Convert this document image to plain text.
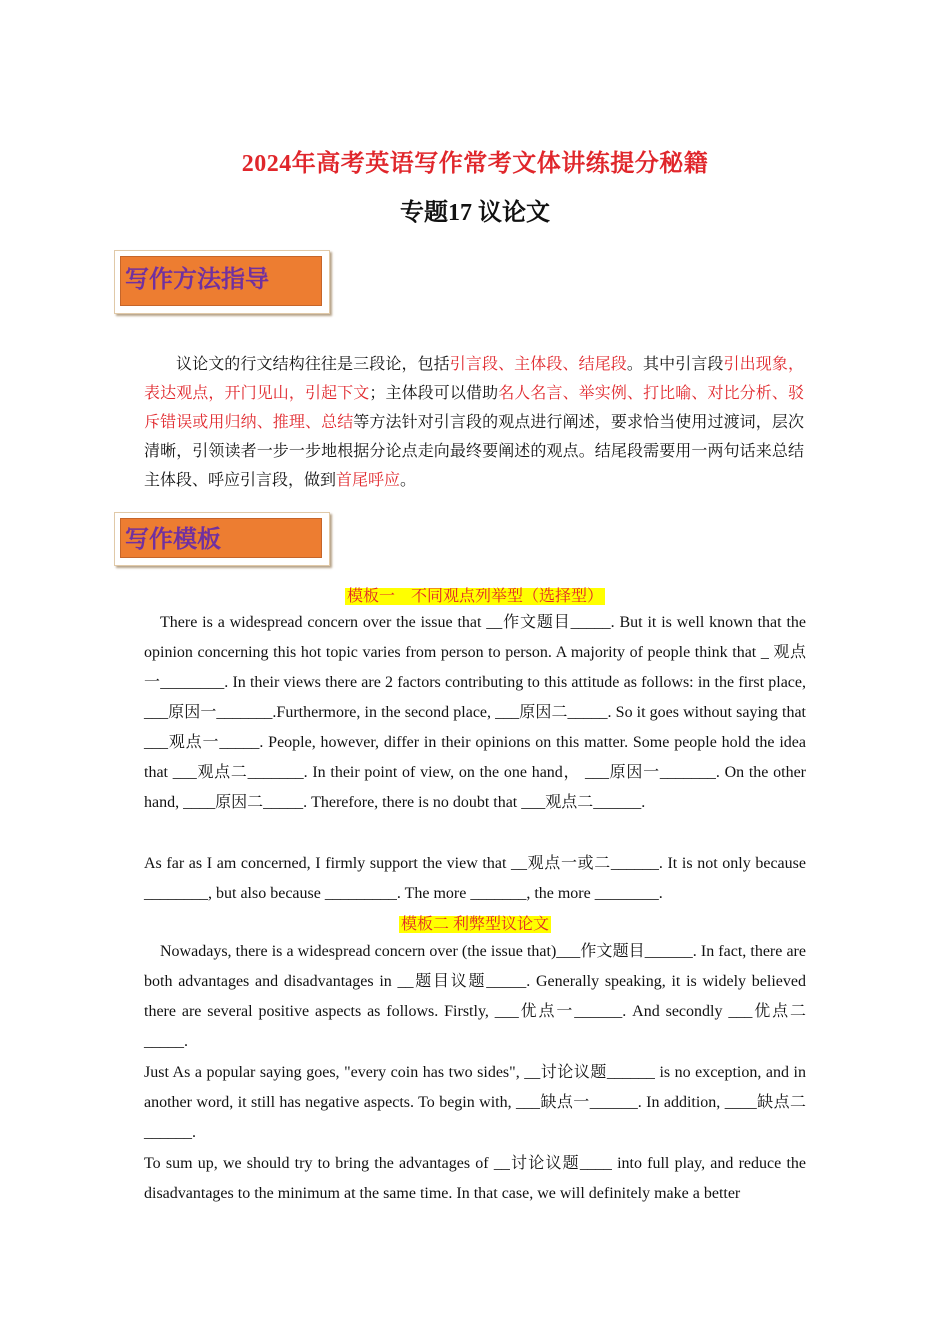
2024年高考英语写作常考文体讲练提分秘籍
专题17 议论文
写作方法指导

议论文的行文结构往往是三段论，包括引言段、主体段、结尾段。其中引言段引出现象，表达观点，开门见山，引起下文；主体段可以借助名人名言、举实例、打比喻、对比分析、驳斥错误或用归纳、推理、总结等方法针对引言段的观点进行阐述，要求恰当使用过渡词，层次清晰，引领读者一步一步地根据分论点走向最终要阐述的观点。结尾段需要用一两句话来总结主体段、呼应引言段，做到首尾呼应。

写作模板
模板一　不同观点列举型（选择型）

There is a widespread concern over the issue that __作文题目_____. But it is well known that the opinion concerning this hot topic varies from person to person. A majority of people think that _ 观点一________. In their views there are 2 factors contributing to this attitude as follows: in the first place, ___原因一_______.Furthermore, in the second place, ___原因二_____. So it goes without saying that ___观点一_____. People, however, differ in their opinions on this matter. Some people hold the idea that ___观点二_______. In their point of view, on the one hand， ___原因一_______. On the other hand, ____原因二_____. Therefore, there is no doubt that ___观点二______.

As far as I am concerned, I firmly support the view that __观点一或二______. It is not only because ________, but also because _________. The more _______, the more ________.

模板二 利弊型议论文

Nowadays, there is a widespread concern over (the issue that)___作文题目______. In fact, there are both advantages and disadvantages in __题目议题_____. Generally speaking, it is widely believed there are several positive aspects as follows. Firstly, ___优点一______. And secondly ___优点二_____.

Just As a popular saying goes, "every coin has two sides", __讨论议题______ is no exception, and in another word, it still has negative aspects. To begin with, ___缺点一______. In addition, ____缺点二______.

To sum up, we should try to bring the advantages of __讨论议题____ into full play, and reduce the disadvantages to the minimum at the same time. In that case, we will definitely make a better
